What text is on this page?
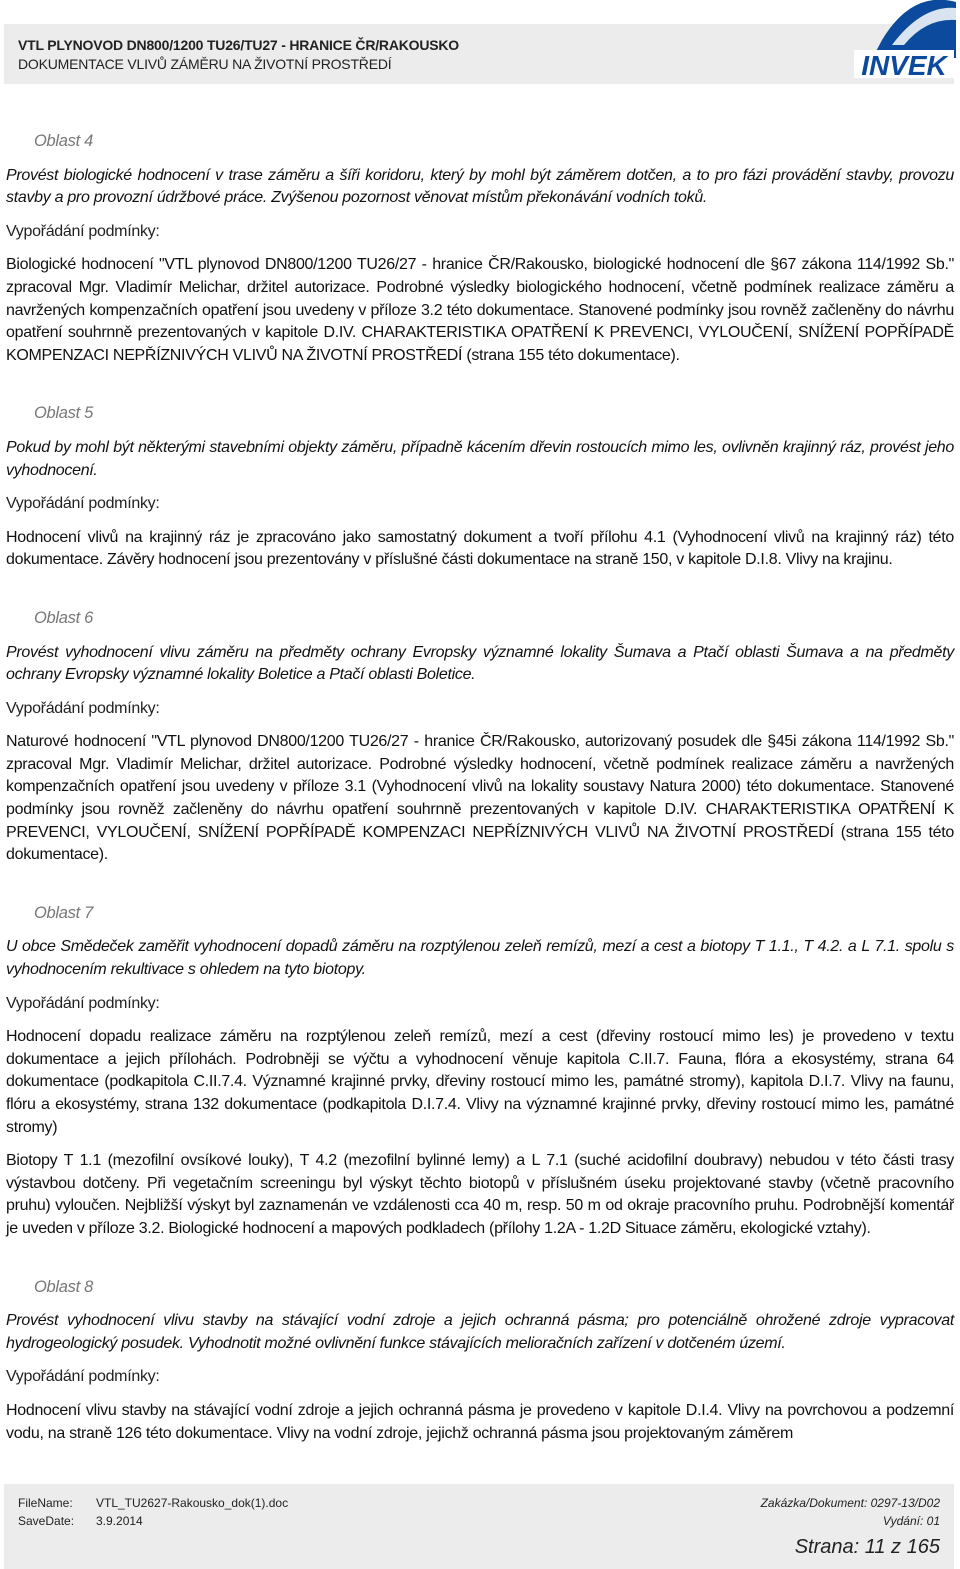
VTL PLYNOVOD DN800/1200 TU26/TU27 - HRANICE ČR/RAKOUSKO
DOKUMENTACE VLIVŮ ZÁMĚRU NA ŽIVOTNÍ PROSTŘEDÍ	INVEK
Oblast 4
Provést biologické hodnocení v trase záměru a šíři koridoru, který by mohl být záměrem dotčen, a to pro fázi provádění stavby, provozu stavby a pro provozní údržbové práce. Zvýšenou pozornost věnovat místům překonávání vodních toků.
Vypořádání podmínky:
Biologické hodnocení "VTL plynovod DN800/1200 TU26/27 - hranice ČR/Rakousko, biologické hodnocení dle §67 zákona 114/1992 Sb." zpracoval Mgr. Vladimír Melichar, držitel autorizace. Podrobné výsledky biologického hodnocení, včetně podmínek realizace záměru a navržených kompenzačních opatření jsou uvedeny v příloze 3.2 této dokumentace. Stanovené podmínky jsou rovněž začleněny do návrhu opatření souhrnně prezentovaných v kapitole D.IV. CHARAKTERISTIKA OPATŘENÍ K PREVENCI, VYLOUČENÍ, SNÍŽENÍ POPŘÍPADĚ KOMPENZACI NEPŘÍZNIVÝCH VLIVŮ NA ŽIVOTNÍ PROSTŘEDÍ (strana 155 této dokumentace).
Oblast 5
Pokud by mohl být některými stavebními objekty záměru, případně kácením dřevin rostoucích mimo les, ovlivněn krajinný ráz, provést jeho vyhodnocení.
Vypořádání podmínky:
Hodnocení vlivů na krajinný ráz je zpracováno jako samostatný dokument a tvoří přílohu 4.1 (Vyhodnocení vlivů na krajinný ráz) této dokumentace. Závěry hodnocení jsou prezentovány v příslušné části dokumentace na straně 150, v kapitole D.I.8. Vlivy na krajinu.
Oblast 6
Provést vyhodnocení vlivu záměru na předměty ochrany Evropsky významné lokality Šumava a Ptačí oblasti Šumava a na předměty ochrany Evropsky významné lokality Boletice a Ptačí oblasti Boletice.
Vypořádání podmínky:
Naturové hodnocení "VTL plynovod DN800/1200 TU26/27 - hranice ČR/Rakousko, autorizovaný posudek dle §45i zákona 114/1992 Sb." zpracoval Mgr. Vladimír Melichar, držitel autorizace. Podrobné výsledky hodnocení, včetně podmínek realizace záměru a navržených kompenzačních opatření jsou uvedeny v příloze 3.1 (Vyhodnocení vlivů na lokality soustavy Natura 2000) této dokumentace. Stanovené podmínky jsou rovněž začleněny do návrhu opatření souhrnně prezentovaných v kapitole D.IV. CHARAKTERISTIKA OPATŘENÍ K PREVENCI, VYLOUČENÍ, SNÍŽENÍ POPŘÍPADĚ KOMPENZACI NEPŘÍZNIVÝCH VLIVŮ NA ŽIVOTNÍ PROSTŘEDÍ (strana 155 této dokumentace).
Oblast 7
U obce Smědeček zaměřit vyhodnocení dopadů záměru na rozptýlenou zeleň remízů, mezí a cest a biotopy T 1.1., T 4.2. a L 7.1. spolu s vyhodnocením rekultivace s ohledem na tyto biotopy.
Vypořádání podmínky:
Hodnocení dopadu realizace záměru na rozptýlenou zeleň remízů, mezí a cest (dřeviny rostoucí mimo les) je provedeno v textu dokumentace a jejich přílohách. Podrobněji se výčtu a vyhodnocení věnuje kapitola C.II.7. Fauna, flóra a ekosystémy, strana 64 dokumentace (podkapitola C.II.7.4. Významné krajinné prvky, dřeviny rostoucí mimo les, památné stromy), kapitola D.I.7. Vlivy na faunu, flóru a ekosystémy, strana 132 dokumentace (podkapitola D.I.7.4. Vlivy na významné krajinné prvky, dřeviny rostoucí mimo les, památné stromy)
Biotopy T 1.1 (mezofilní ovsíkové louky), T 4.2 (mezofilní bylinné lemy) a L 7.1 (suché acidofilní doubravy) nebudou v této části trasy výstavbou dotčeny. Při vegetačním screeningu byl výskyt těchto biotopů v příslušném úseku projektované stavby (včetně pracovního pruhu) vyloučen. Nejbližší výskyt byl zaznamenán ve vzdálenosti cca 40 m, resp. 50 m od okraje pracovního pruhu. Podrobnější komentář je uveden v příloze 3.2. Biologické hodnocení a mapových podkladech (přílohy 1.2A - 1.2D Situace záměru, ekologické vztahy).
Oblast 8
Provést vyhodnocení vlivu stavby na stávající vodní zdroje a jejich ochranná pásma; pro potenciálně ohrožené zdroje vypracovat hydrogeologický posudek. Vyhodnotit možné ovlivnění funkce stávajících melioračních zařízení v dotčeném území.
Vypořádání podmínky:
Hodnocení vlivu stavby na stávající vodní zdroje a jejich ochranná pásma je provedeno v kapitole D.I.4. Vlivy na povrchovou a podzemní vodu, na straně 126 této dokumentace. Vlivy na vodní zdroje, jejichž ochranná pásma jsou projektovaným záměrem
FileName: VTL_TU2627-Rakousko_dok(1).doc
SaveDate: 3.9.2014
Zakázka/Dokument: 0297-13/D02
Vydání: 01
Strana: 11 z 165
